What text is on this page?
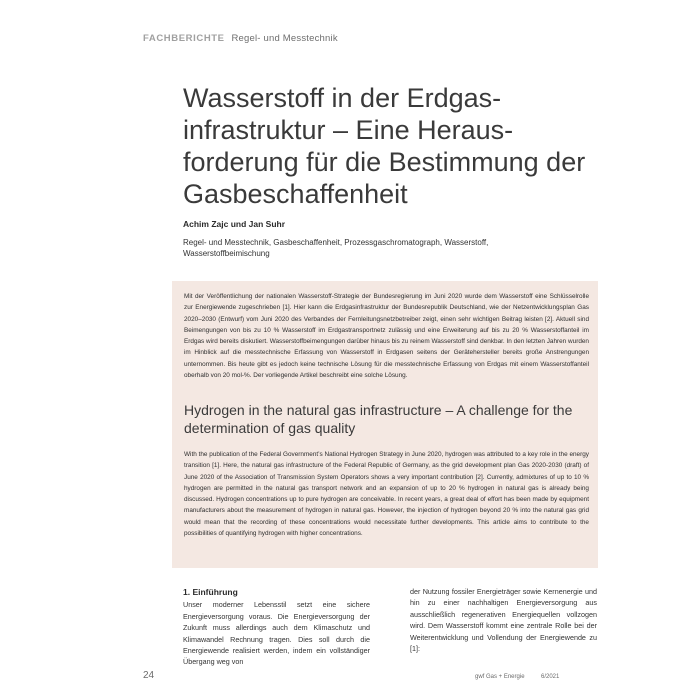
FACHBERICHTE Regel- und Messtechnik
Wasserstoff in der Erdgas-infrastruktur – Eine Heraus-forderung für die Bestimmung der Gasbeschaffenheit
Achim Zajc und Jan Suhr
Regel- und Messtechnik, Gasbeschaffenheit, Prozessgaschromatograph, Wasserstoff, Wasserstoffbeimischung

Mit der Veröffentlichung der nationalen Wasserstoff-Strategie der Bundesregierung im Juni 2020 wurde dem Wasserstoff eine Schlüsselrolle zur Energiewende zugeschrieben [1]. Hier kann die Erdgasinfrastruktur der Bundesrepublik Deutschland, wie der Netzentwicklungsplan Gas 2020–2030 (Entwurf) vom Juni 2020 des Verbandes der Fernleitungsnetzbetreiber zeigt, einen sehr wichtigen Beitrag leisten [2]. Aktuell sind Beimengungen von bis zu 10 % Wasserstoff im Erdgastransportnetz zulässig und eine Erweiterung auf bis zu 20 % Wasserstoffanteil im Erdgas wird bereits diskutiert. Wasserstoffbeimengungen darüber hinaus bis zu reinem Wasserstoff sind denkbar. In den letzten Jahren wurden im Hinblick auf die messtechnische Erfassung von Wasserstoff in Erdgasen seitens der Gerätehersteller bereits große Anstrengungen unternommen. Bis heute gibt es jedoch keine technische Lösung für die messtechnische Erfassung von Erdgas mit einem Wasserstoffanteil oberhalb von 20 mol-%. Der vorliegende Artikel beschreibt eine solche Lösung.

Hydrogen in the natural gas infrastructure – A challenge for the determination of gas quality

With the publication of the Federal Government’s National Hydrogen Strategy in June 2020, hydrogen was attributed to a key role in the energy transition [1]. Here, the natural gas infrastructure of the Federal Republic of Germany, as the grid development plan Gas 2020-2030 (draft) of June 2020 of the Association of Transmission System Operators shows a very important contribution [2]. Currently, admixtures of up to 10 % hydrogen are permitted in the natural gas transport network and an expansion of up to 20 % hydrogen in natural gas is already being discussed. Hydrogen concentrations up to pure hydrogen are conceivable. In recent years, a great deal of effort has been made by equipment manufacturers about the measurement of hydrogen in natural gas. However, the injection of hydrogen beyond 20 % into the natural gas grid would mean that the recording of these concentrations would necessitate further developments. This article aims to contribute to the possibilities of quantifying hydrogen with higher concentrations.

1. Einführung
Unser moderner Lebensstil setzt eine sichere Energieversorgung voraus. Die Energieversorgung der Zukunft muss allerdings auch dem Klimaschutz und Klimawandel Rechnung tragen. Dies soll durch die Energiewende realisiert werden, indem ein vollständiger Übergang weg von
der Nutzung fossiler Energieträger sowie Kernenergie und hin zu einer nachhaltigen Energieversorgung aus ausschließlich regenerativen Energiequellen vollzogen wird. Dem Wasserstoff kommt eine zentrale Rolle bei der Weiterentwicklung und Vollendung der Energiewende zu [1]:
24	gwf Gas + Energie	6/2021
